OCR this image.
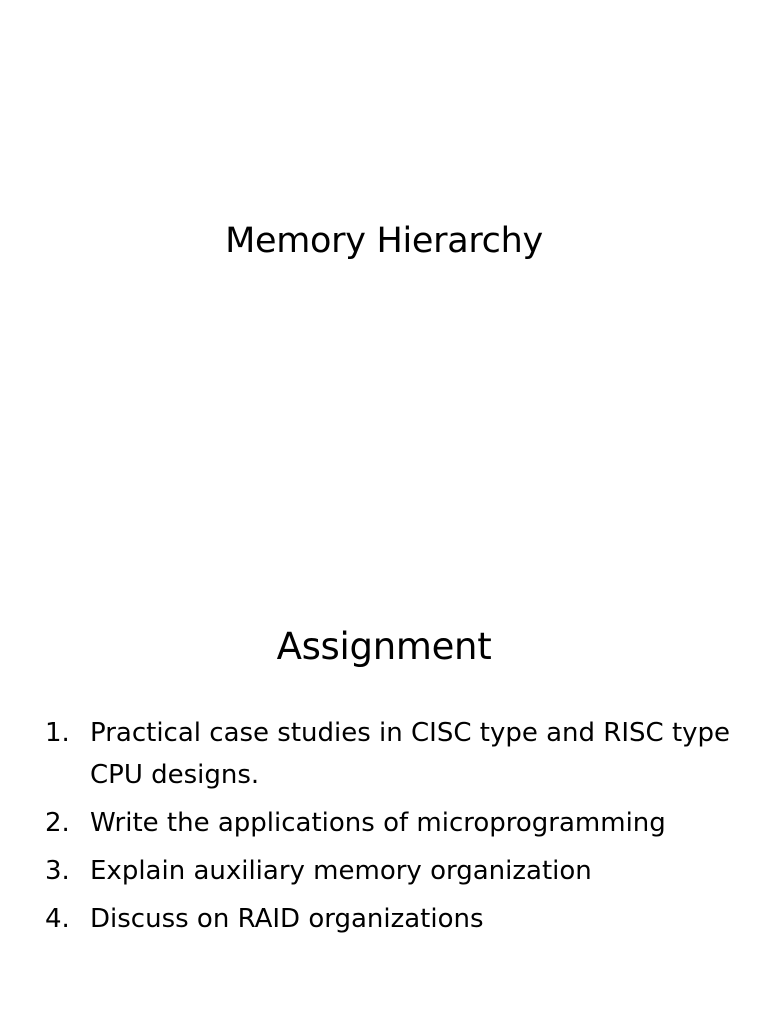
Memory Hierarchy
Assignment
1. Practical case studies in CISC type and RISC type CPU designs.
2. Write the applications of microprogramming
3. Explain auxiliary memory organization
4. Discuss on RAID organizations
